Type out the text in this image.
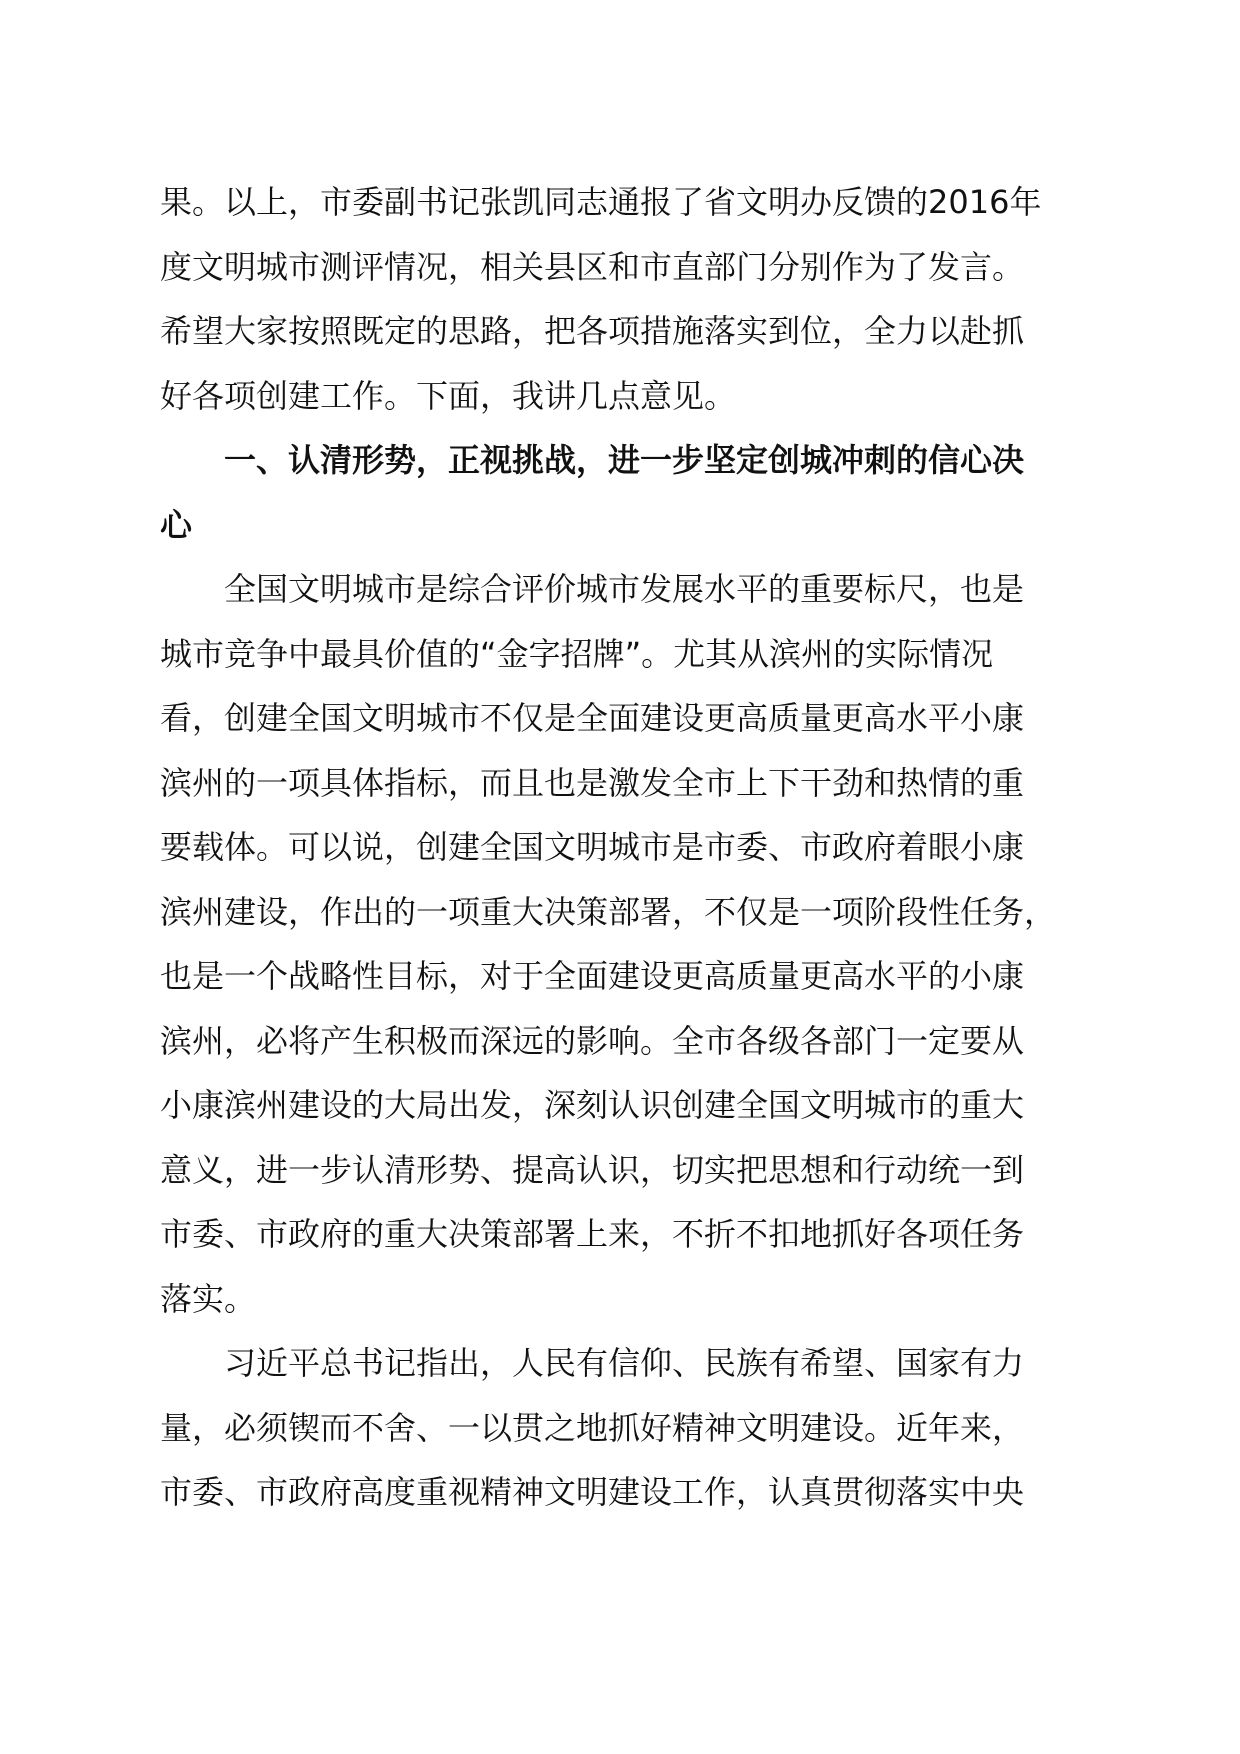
果。以上，市委副书记张凯同志通报了省文明办反馈的2016年
度文明城市测评情况，相关县区和市直部门分别作为了发言。
希望大家按照既定的思路，把各项措施落实到位，全力以赴抓
好各项创建工作。下面，我讲几点意见。

　　一、认清形势，正视挑战，进一步坚定创城冲刺的信心决
心

　　全国文明城市是综合评价城市发展水平的重要标尺，也是
城市竞争中最具价值的“金字招牌”。尤其从滨州的实际情况
看，创建全国文明城市不仅是全面建设更高质量更高水平小康
滨州的一项具体指标，而且也是激发全市上下干劲和热情的重
要载体。可以说，创建全国文明城市是市委、市政府着眼小康
滨州建设，作出的一项重大决策部署，不仅是一项阶段性任务，
也是一个战略性目标，对于全面建设更高质量更高水平的小康
滨州，必将产生积极而深远的影响。全市各级各部门一定要从
小康滨州建设的大局出发，深刻认识创建全国文明城市的重大
意义，进一步认清形势、提高认识，切实把思想和行动统一到
市委、市政府的重大决策部署上来，不折不扣地抓好各项任务
落实。

　　习近平总书记指出，人民有信仰、民族有希望、国家有力
量，必须锲而不舍、一以贯之地抓好精神文明建设。近年来，
市委、市政府高度重视精神文明建设工作，认真贯彻落实中央
